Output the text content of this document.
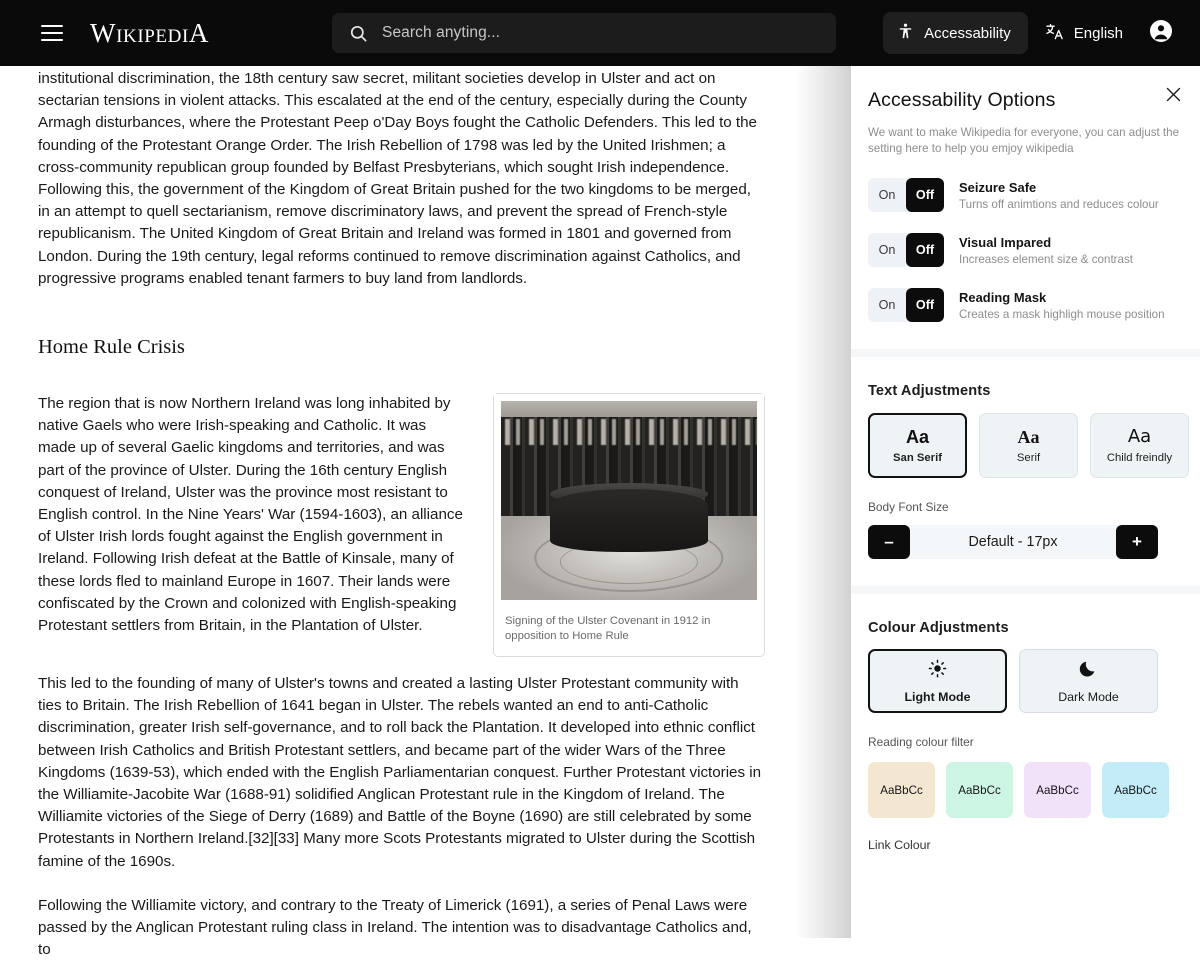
WikipediA	Search anyting...	Accessability	English

institutional discrimination, the 18th century saw secret, militant societies develop in Ulster and act on sectarian tensions in violent attacks. This escalated at the end of the century, especially during the County Armagh disturbances, where the Protestant Peep o'Day Boys fought the Catholic Defenders. This led to the founding of the Protestant Orange Order. The Irish Rebellion of 1798 was led by the United Irishmen; a cross-community republican group founded by Belfast Presbyterians, which sought Irish independence. Following this, the government of the Kingdom of Great Britain pushed for the two kingdoms to be merged, in an attempt to quell sectarianism, remove discriminatory laws, and prevent the spread of French-style republicanism. The United Kingdom of Great Britain and Ireland was formed in 1801 and governed from London. During the 19th century, legal reforms continued to remove discrimination against Catholics, and progressive programs enabled tenant farmers to buy land from landlords.

Home Rule Crisis
Signing of the Ulster Covenant in 1912 in opposition to Home Rule

The region that is now Northern Ireland was long inhabited by native Gaels who were Irish-speaking and Catholic. It was made up of several Gaelic kingdoms and territories, and was part of the province of Ulster. During the 16th century English conquest of Ireland, Ulster was the province most resistant to English control. In the Nine Years' War (1594-1603), an alliance of Ulster Irish lords fought against the English government in Ireland. Following Irish defeat at the Battle of Kinsale, many of these lords fled to mainland Europe in 1607. Their lands were confiscated by the Crown and colonized with English-speaking Protestant settlers from Britain, in the Plantation of Ulster.

This led to the founding of many of Ulster's towns and created a lasting Ulster Protestant community with ties to Britain. The Irish Rebellion of 1641 began in Ulster. The rebels wanted an end to anti-Catholic discrimination, greater Irish self-governance, and to roll back the Plantation. It developed into ethnic conflict between Irish Catholics and British Protestant settlers, and became part of the wider Wars of the Three Kingdoms (1639-53), which ended with the English Parliamentarian conquest. Further Protestant victories in the Williamite-Jacobite War (1688-91) solidified Anglican Protestant rule in the Kingdom of Ireland. The Williamite victories of the Siege of Derry (1689) and Battle of the Boyne (1690) are still celebrated by some Protestants in Northern Ireland.[32][33] Many more Scots Protestants migrated to Ulster during the Scottish famine of the 1690s.

Following the Williamite victory, and contrary to the Treaty of Limerick (1691), a series of Penal Laws were passed by the Anglican Protestant ruling class in Ireland. The intention was to disadvantage Catholics and, to

Accessability Options

We want to make Wikipedia for everyone, you can adjust the setting here to help you emjoy wikipedia

On	Off
Seizure Safe
Turns off animtions and reduces colour
On	Off
Visual Impared
Increases element size & contrast
On	Off
Reading Mask
Creates a mask highligh mouse position
Text Adjustments
Aa
San Serif
Aa
Serif
Aa
Child freindly
Body Font Size
–	Default - 17px	+
Colour Adjustments
Light Mode	Dark Mode
Reading colour filter
AaBbCc	AaBbCc	AaBbCc	AaBbCc
Link Colour
